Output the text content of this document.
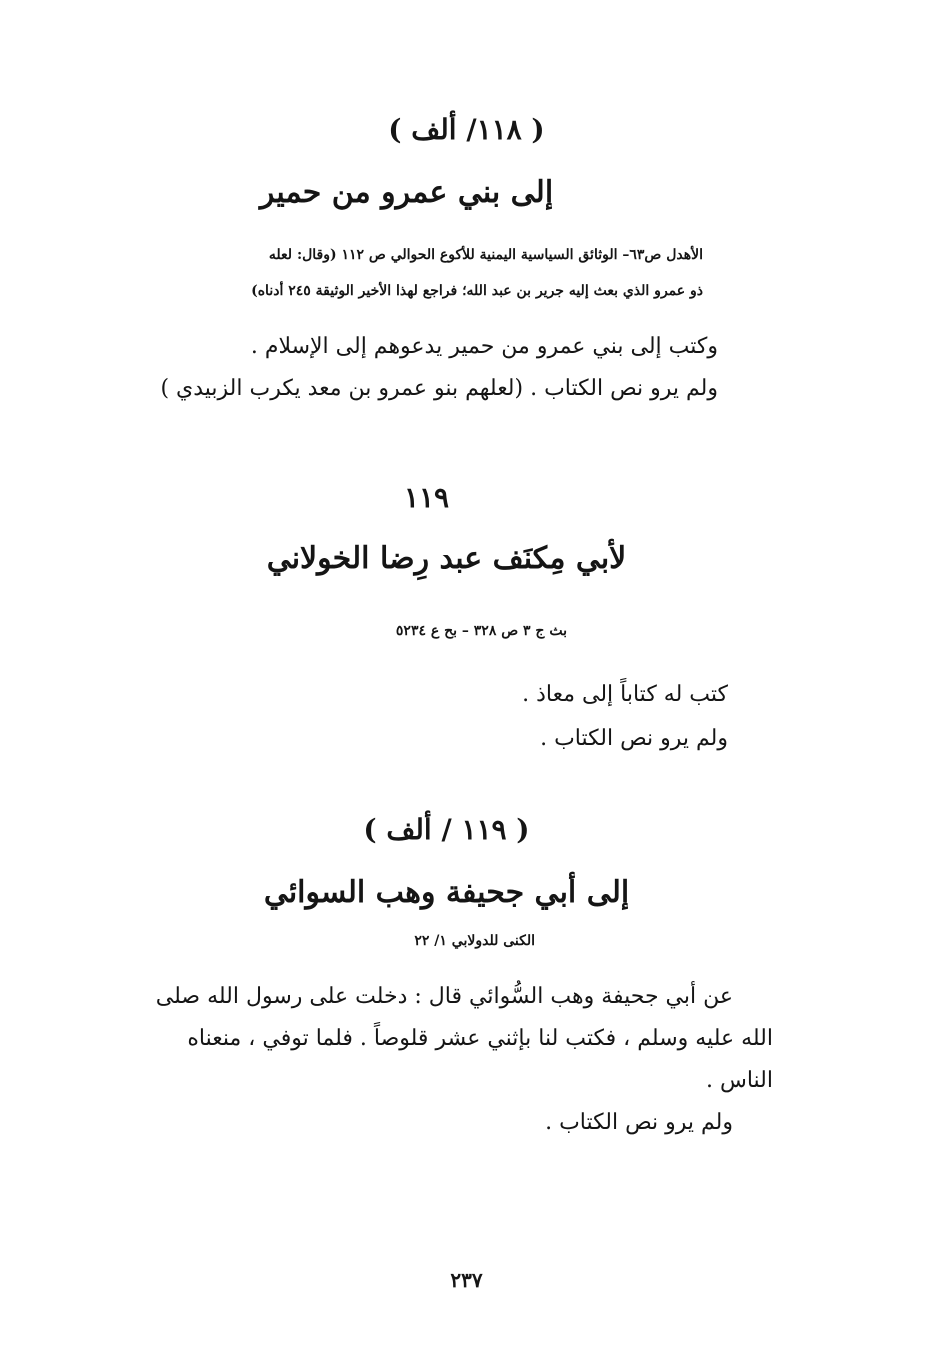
( ١١٨/ ألف )
إلى بني عمرو من حمير
الأهدل ص٦٣– الوثائق السياسية اليمنية للأكوع الحوالي ص ١١٢ (وقال: لعله
ذو عمرو الذي بعث إليه جرير بن عبد الله؛ فراجع لهذا الأخير الوثيقة ٢٤٥ أدناه)
وكتب إلى بني عمرو من حمير يدعوهم إلى الإسلام .
ولم يرو نص الكتاب . (لعلهم بنو عمرو بن معد يكرب الزبيدي )
١١٩
لأبي مِكنَف عبد رِضا الخولاني
بث ج ٣ ص ٣٢٨ – بح ع ٥٢٣٤
كتب له كتاباً إلى معاذ .
ولم يرو نص الكتاب .
( ١١٩ / ألف )
إلى أبي جحيفة وهب السوائي
الكنى للدولابي ١/ ٢٢
عن أبي جحيفة وهب السُّوائي قال : دخلت على رسول الله صلى
الله عليه وسلم ، فكتب لنا بإثني عشر قلوصاً . فلما توفي ، منعناه
الناس .
ولم يرو نص الكتاب .
٢٣٧
